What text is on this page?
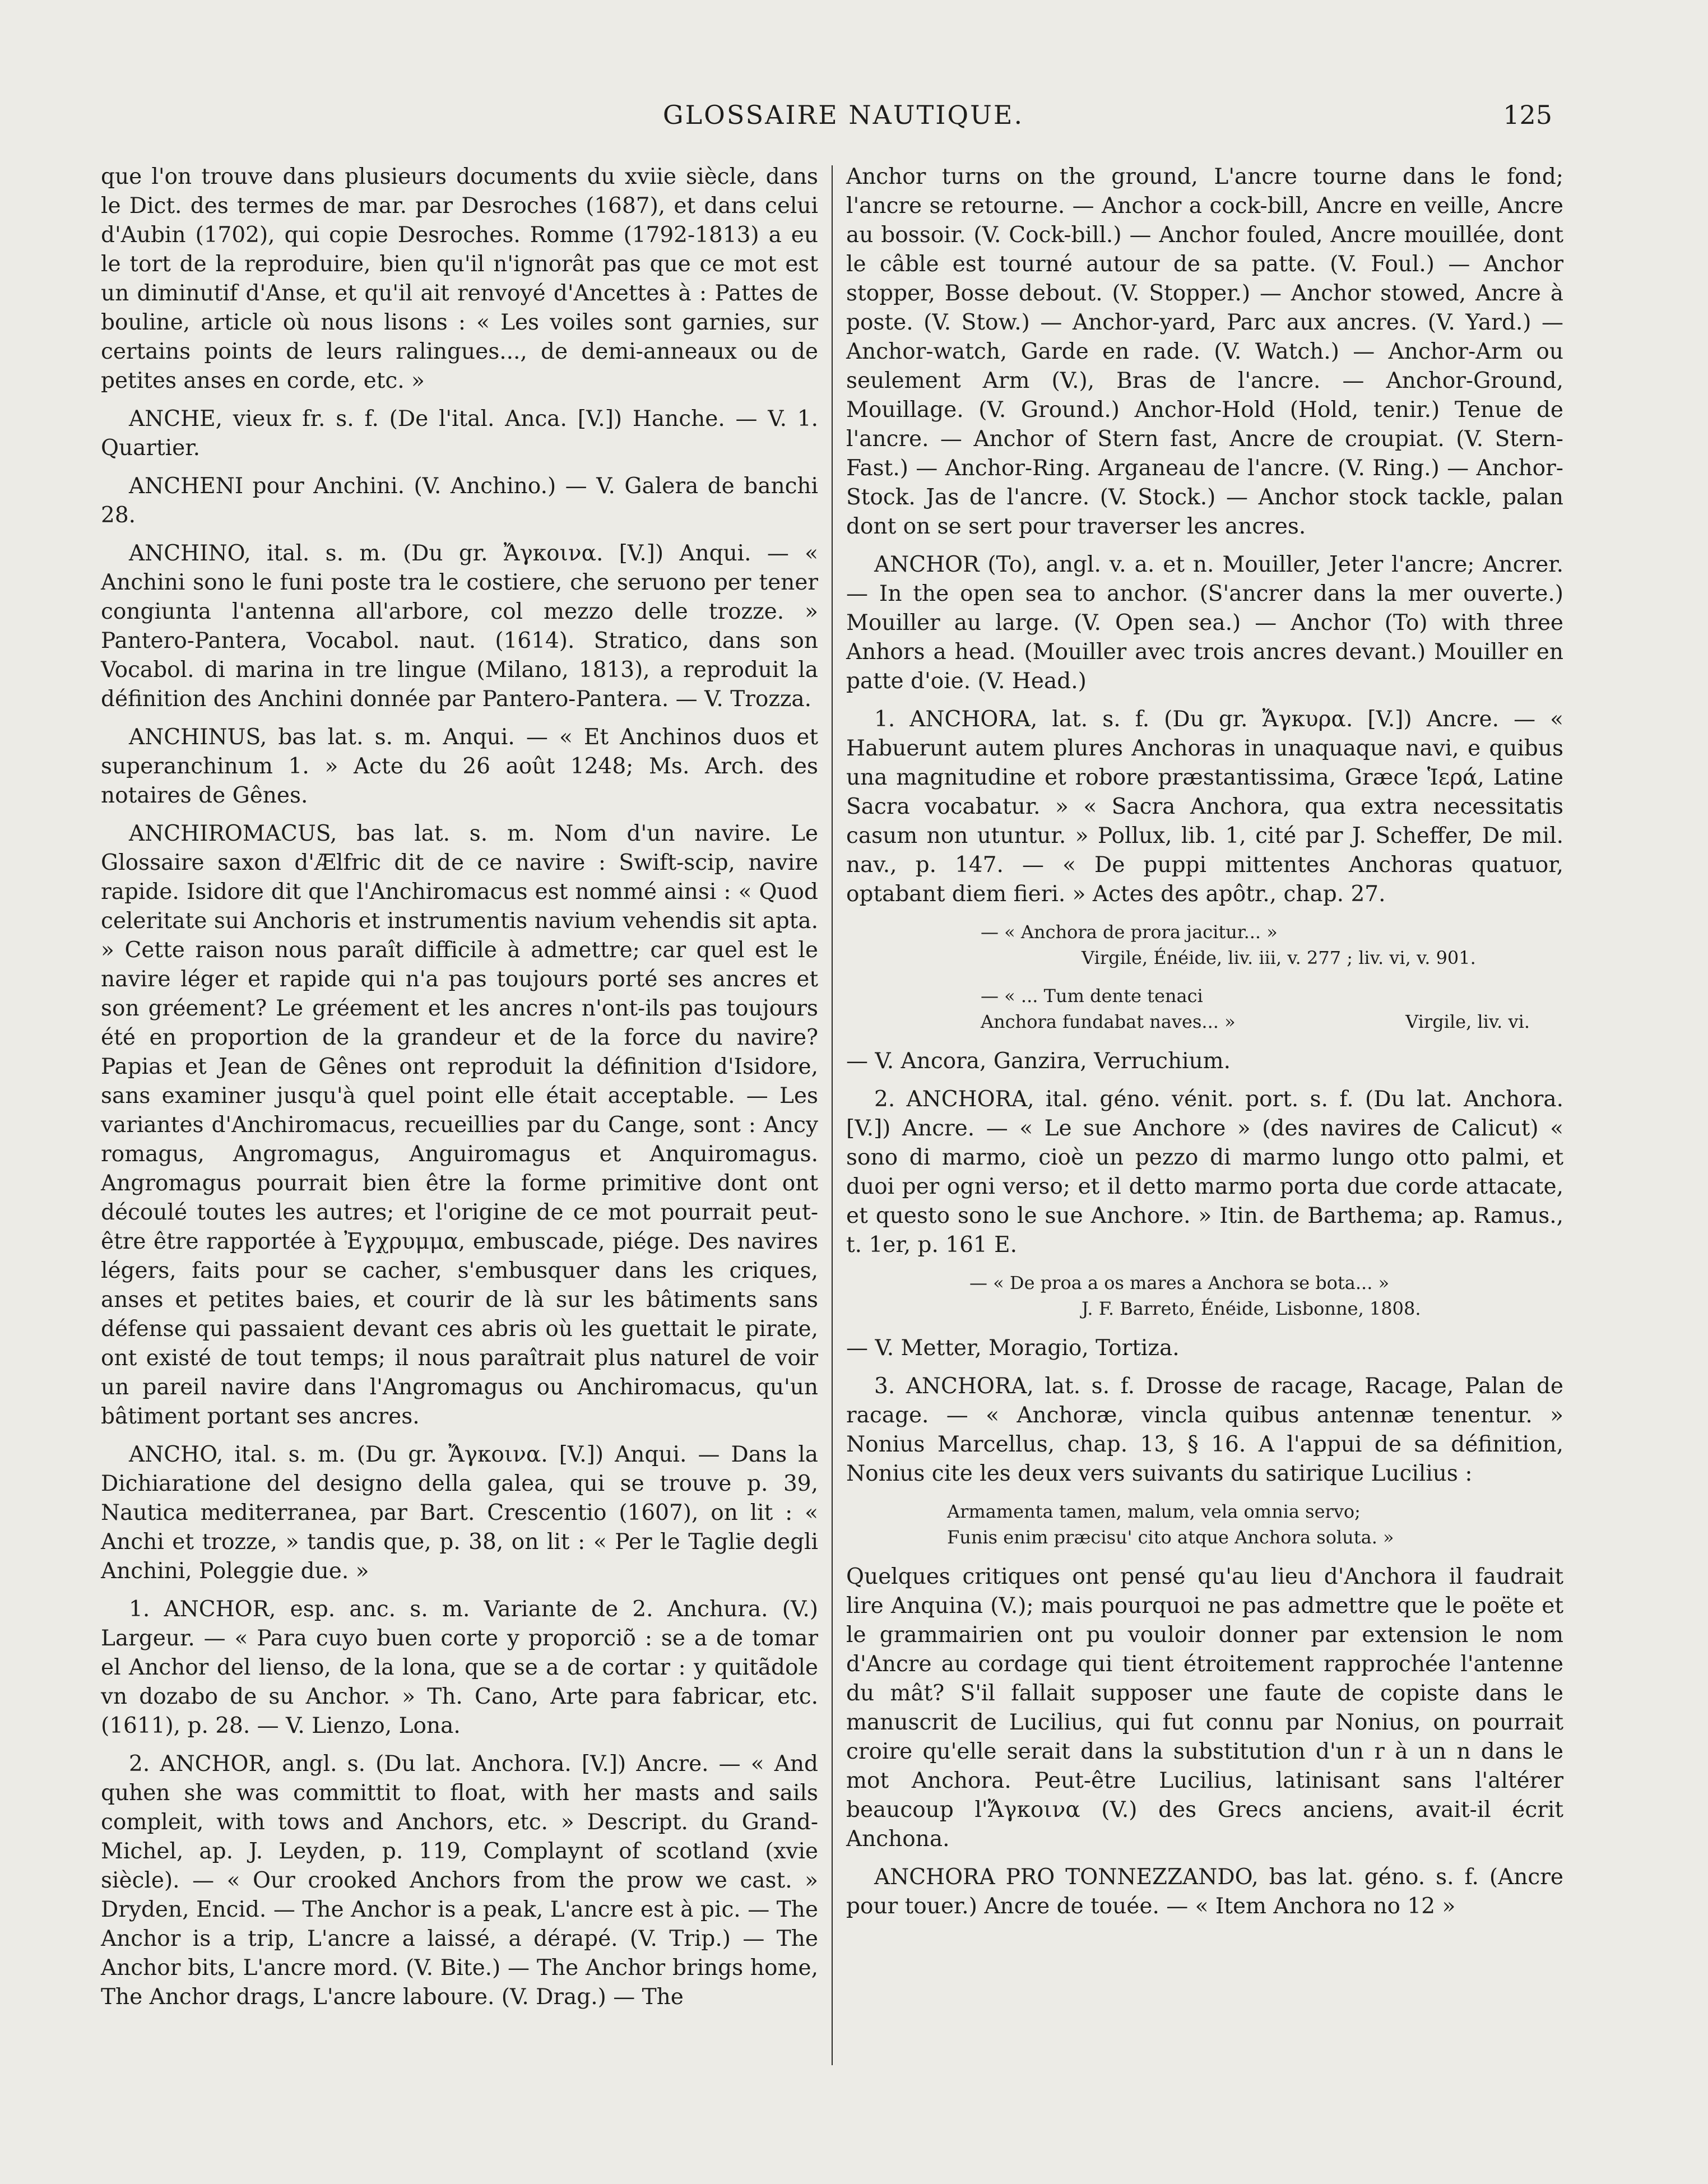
GLOSSAIRE NAUTIQUE.	125

que l'on trouve dans plusieurs documents du xviie siècle, dans le Dict. des termes de mar. par Desroches (1687), et dans celui d'Aubin (1702), qui copie Desroches. Romme (1792-1813) a eu le tort de la reproduire, bien qu'il n'ignorât pas que ce mot est un diminutif d'Anse, et qu'il ait renvoyé d'Ancettes à : Pattes de bouline, article où nous lisons : « Les voiles sont garnies, sur certains points de leurs ralingues..., de demi-anneaux ou de petites anses en corde, etc. »

ANCHE, vieux fr. s. f. (De l'ital. Anca. [V.]) Hanche. — V. 1. Quartier.

ANCHENI pour Anchini. (V. Anchino.) — V. Galera de banchi 28.

ANCHINO, ital. s. m. (Du gr. Ἄγκοινα. [V.]) Anqui. — « Anchini sono le funi poste tra le costiere, che seruono per tener congiunta l'antenna all'arbore, col mezzo delle trozze. » Pantero-Pantera, Vocabol. naut. (1614). Stratico, dans son Vocabol. di marina in tre lingue (Milano, 1813), a reproduit la définition des Anchini donnée par Pantero-Pantera. — V. Trozza.

ANCHINUS, bas lat. s. m. Anqui. — « Et Anchinos duos et superanchinum 1. » Acte du 26 août 1248; Ms. Arch. des notaires de Gênes.

ANCHIROMACUS, bas lat. s. m. Nom d'un navire. Le Glossaire saxon d'Ælfric dit de ce navire : Swift-scip, navire rapide. Isidore dit que l'Anchiromacus est nommé ainsi : « Quod celeritate sui Anchoris et instrumentis navium vehendis sit apta. » Cette raison nous paraît difficile à admettre; car quel est le navire léger et rapide qui n'a pas toujours porté ses ancres et son gréement? Le gréement et les ancres n'ont-ils pas toujours été en proportion de la grandeur et de la force du navire? Papias et Jean de Gênes ont reproduit la définition d'Isidore, sans examiner jusqu'à quel point elle était acceptable. — Les variantes d'Anchiromacus, recueillies par du Cange, sont : Ancy romagus, Angromagus, Anguiromagus et Anquiromagus. Angromagus pourrait bien être la forme primitive dont ont découlé toutes les autres; et l'origine de ce mot pourrait peut-être être rapportée à Ἐγχρυμμα, embuscade, piége. Des navires légers, faits pour se cacher, s'embusquer dans les criques, anses et petites baies, et courir de là sur les bâtiments sans défense qui passaient devant ces abris où les guettait le pirate, ont existé de tout temps; il nous paraîtrait plus naturel de voir un pareil navire dans l'Angromagus ou Anchiromacus, qu'un bâtiment portant ses ancres.

ANCHO, ital. s. m. (Du gr. Ἄγκοινα. [V.]) Anqui. — Dans la Dichiaratione del designo della galea, qui se trouve p. 39, Nautica mediterranea, par Bart. Crescentio (1607), on lit : « Anchi et trozze, » tandis que, p. 38, on lit : « Per le Taglie degli Anchini, Poleggie due. »

1. ANCHOR, esp. anc. s. m. Variante de 2. Anchura. (V.) Largeur. — « Para cuyo buen corte y proporciõ : se a de tomar el Anchor del lienso, de la lona, que se a de cortar : y quitãdole vn dozabo de su Anchor. » Th. Cano, Arte para fabricar, etc. (1611), p. 28. — V. Lienzo, Lona.

2. ANCHOR, angl. s. (Du lat. Anchora. [V.]) Ancre. — « And quhen she was committit to float, with her masts and sails compleit, with tows and Anchors, etc. » Descript. du Grand-Michel, ap. J. Leyden, p. 119, Complaynt of scotland (xvie siècle). — « Our crooked Anchors from the prow we cast. » Dryden, Encid. — The Anchor is a peak, L'ancre est à pic. — The Anchor is a trip, L'ancre a laissé, a dérapé. (V. Trip.) — The Anchor bits, L'ancre mord. (V. Bite.) — The Anchor brings home, The Anchor drags, L'ancre laboure. (V. Drag.) — The

Anchor turns on the ground, L'ancre tourne dans le fond; l'ancre se retourne. — Anchor a cock-bill, Ancre en veille, Ancre au bossoir. (V. Cock-bill.) — Anchor fouled, Ancre mouillée, dont le câble est tourné autour de sa patte. (V. Foul.) — Anchor stopper, Bosse debout. (V. Stopper.) — Anchor stowed, Ancre à poste. (V. Stow.) — Anchor-yard, Parc aux ancres. (V. Yard.) — Anchor-watch, Garde en rade. (V. Watch.) — Anchor-Arm ou seulement Arm (V.), Bras de l'ancre. — Anchor-Ground, Mouillage. (V. Ground.) Anchor-Hold (Hold, tenir.) Tenue de l'ancre. — Anchor of Stern fast, Ancre de croupiat. (V. Stern-Fast.) — Anchor-Ring. Arganeau de l'ancre. (V. Ring.) — Anchor-Stock. Jas de l'ancre. (V. Stock.) — Anchor stock tackle, palan dont on se sert pour traverser les ancres.

ANCHOR (To), angl. v. a. et n. Mouiller, Jeter l'ancre; Ancrer. — In the open sea to anchor. (S'ancrer dans la mer ouverte.) Mouiller au large. (V. Open sea.) — Anchor (To) with three Anhors a head. (Mouiller avec trois ancres devant.) Mouiller en patte d'oie. (V. Head.)

1. ANCHORA, lat. s. f. (Du gr. Ἄγκυρα. [V.]) Ancre. — « Habuerunt autem plures Anchoras in unaquaque navi, e quibus una magnitudine et robore præstantissima, Græce Ἱερά, Latine Sacra vocabatur. » « Sacra Anchora, qua extra necessitatis casum non utuntur. » Pollux, lib. 1, cité par J. Scheffer, De mil. nav., p. 147. — « De puppi mittentes Anchoras quatuor, optabant diem fieri. » Actes des apôtr., chap. 27.

— « Anchora de prora jacitur... »
Virgile, Énéide, liv. iii, v. 277 ; liv. vi, v. 901.
— « ... Tum dente tenaci
Anchora fundabat naves... »	Virgile, liv. vi.

— V. Ancora, Ganzira, Verruchium.

2. ANCHORA, ital. géno. vénit. port. s. f. (Du lat. Anchora. [V.]) Ancre. — « Le sue Anchore » (des navires de Calicut) « sono di marmo, cioè un pezzo di marmo lungo otto palmi, et duoi per ogni verso; et il detto marmo porta due corde attacate, et questo sono le sue Anchore. » Itin. de Barthema; ap. Ramus., t. 1er, p. 161 E.

— « De proa a os mares a Anchora se bota... »
J. F. Barreto, Énéide, Lisbonne, 1808.

— V. Metter, Moragio, Tortiza.

3. ANCHORA, lat. s. f. Drosse de racage, Racage, Palan de racage. — « Anchoræ, vincla quibus antennæ tenentur. » Nonius Marcellus, chap. 13, § 16. A l'appui de sa définition, Nonius cite les deux vers suivants du satirique Lucilius :

Armamenta tamen, malum, vela omnia servo;
Funis enim præcisu' cito atque Anchora soluta. »

Quelques critiques ont pensé qu'au lieu d'Anchora il faudrait lire Anquina (V.); mais pourquoi ne pas admettre que le poëte et le grammairien ont pu vouloir donner par extension le nom d'Ancre au cordage qui tient étroitement rapprochée l'antenne du mât? S'il fallait supposer une faute de copiste dans le manuscrit de Lucilius, qui fut connu par Nonius, on pourrait croire qu'elle serait dans la substitution d'un r à un n dans le mot Anchora. Peut-être Lucilius, latinisant sans l'altérer beaucoup l'Ἄγκοινα (V.) des Grecs anciens, avait-il écrit Anchona.

ANCHORA PRO TONNEZZANDO, bas lat. géno. s. f. (Ancre pour touer.) Ancre de touée. — « Item Anchora no 12 »
